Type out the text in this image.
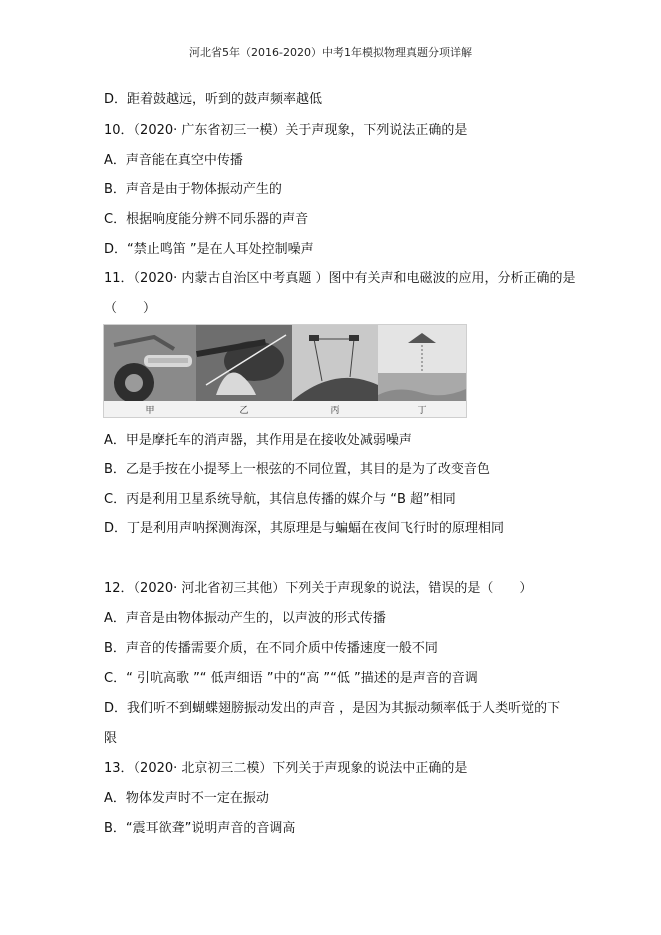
河北省5年（2016-2020）中考1年模拟物理真题分项详解
D．距着鼓越远，听到的鼓声频率越低
10．（2020· 广东省初三一模）关于声现象，下列说法正确的是
A．声音能在真空中传播
B．声音是由于物体振动产生的
C．根据响度能分辨不同乐器的声音
D．“禁止鸣笛 ”是在人耳处控制噪声
11．（2020· 内蒙古自治区中考真题 ）图中有关声和电磁波的应用，分析正确的是
（　　）
A．甲是摩托车的消声器，其作用是在接收处减弱噪声
B．乙是手按在小提琴上一根弦的不同位置，其目的是为了改变音色
C．丙是利用卫星系统导航，其信息传播的媒介与 “B 超”相同
D．丁是利用声呐探测海深，其原理是与蝙蝠在夜间飞行时的原理相同
12．（2020· 河北省初三其他）下列关于声现象的说法，错误的是（　　）
A．声音是由物体振动产生的，以声波的形式传播
B．声音的传播需要介质，在不同介质中传播速度一般不同
C．“ 引吭高歌 ”“ 低声细语 ”中的“高 ”“低 ”描述的是声音的音调
D．我们听不到蝴蝶翅膀振动发出的声音 ，是因为其振动频率低于人类听觉的下
限
13．（2020· 北京初三二模）下列关于声现象的说法中正确的是
A．物体发声时不一定在振动
B．“震耳欲聋”说明声音的音调高
甲	乙	丙	丁
